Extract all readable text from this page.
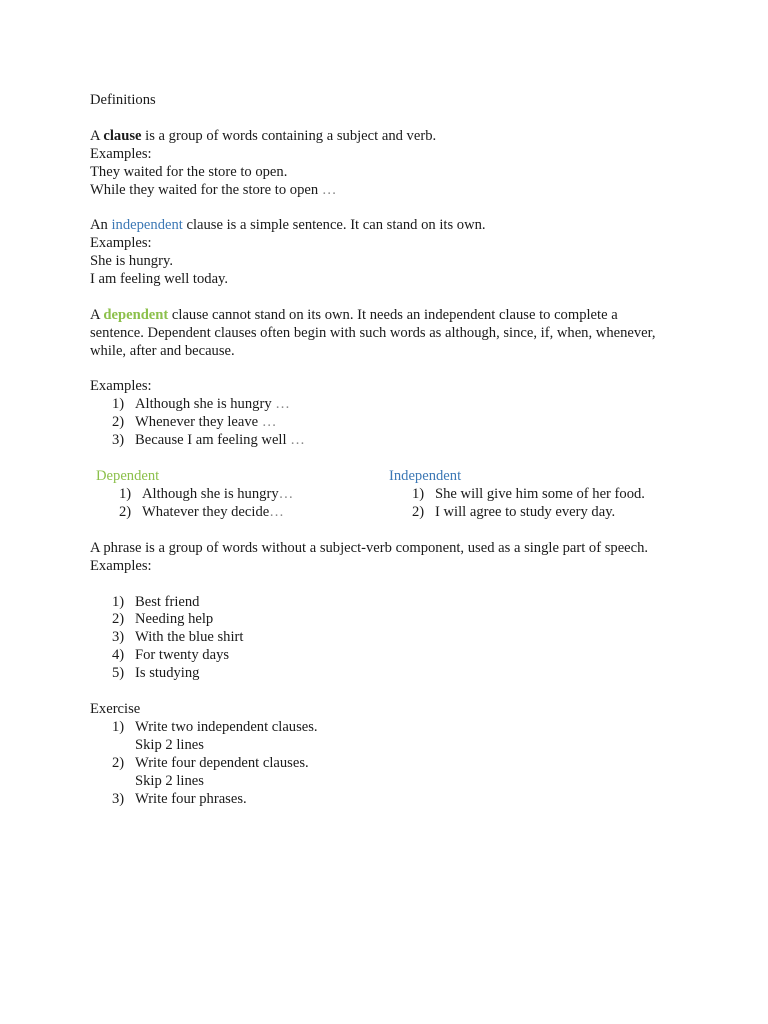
Definitions

A clause is a group of words containing a subject and verb.

Examples:

They waited for the store to open.

While they waited for the store to open …

An independent clause is a simple sentence. It can stand on its own.

Examples:

She is hungry.

I am feeling well today.

A dependent clause cannot stand on its own. It needs an independent clause to complete a

sentence. Dependent clauses often begin with such words as although, since, if, when, whenever,

while, after and because.

Examples:

1) Although she is hungry …
2) Whenever they leave …
3) Because I am feeling well …

Dependent

1) Although she is hungry…
2) Whatever they decide…

Independent

1) She will give him some of her food.
2) I will agree to study every day.

A phrase is a group of words without a subject-verb component, used as a single part of speech.

Examples:

1) Best friend
2) Needing help
3) With the blue shirt
4) For twenty days
5) Is studying

Exercise

1) Write two independent clauses.
Skip 2 lines
2) Write four dependent clauses.
Skip 2 lines
3) Write four phrases.
